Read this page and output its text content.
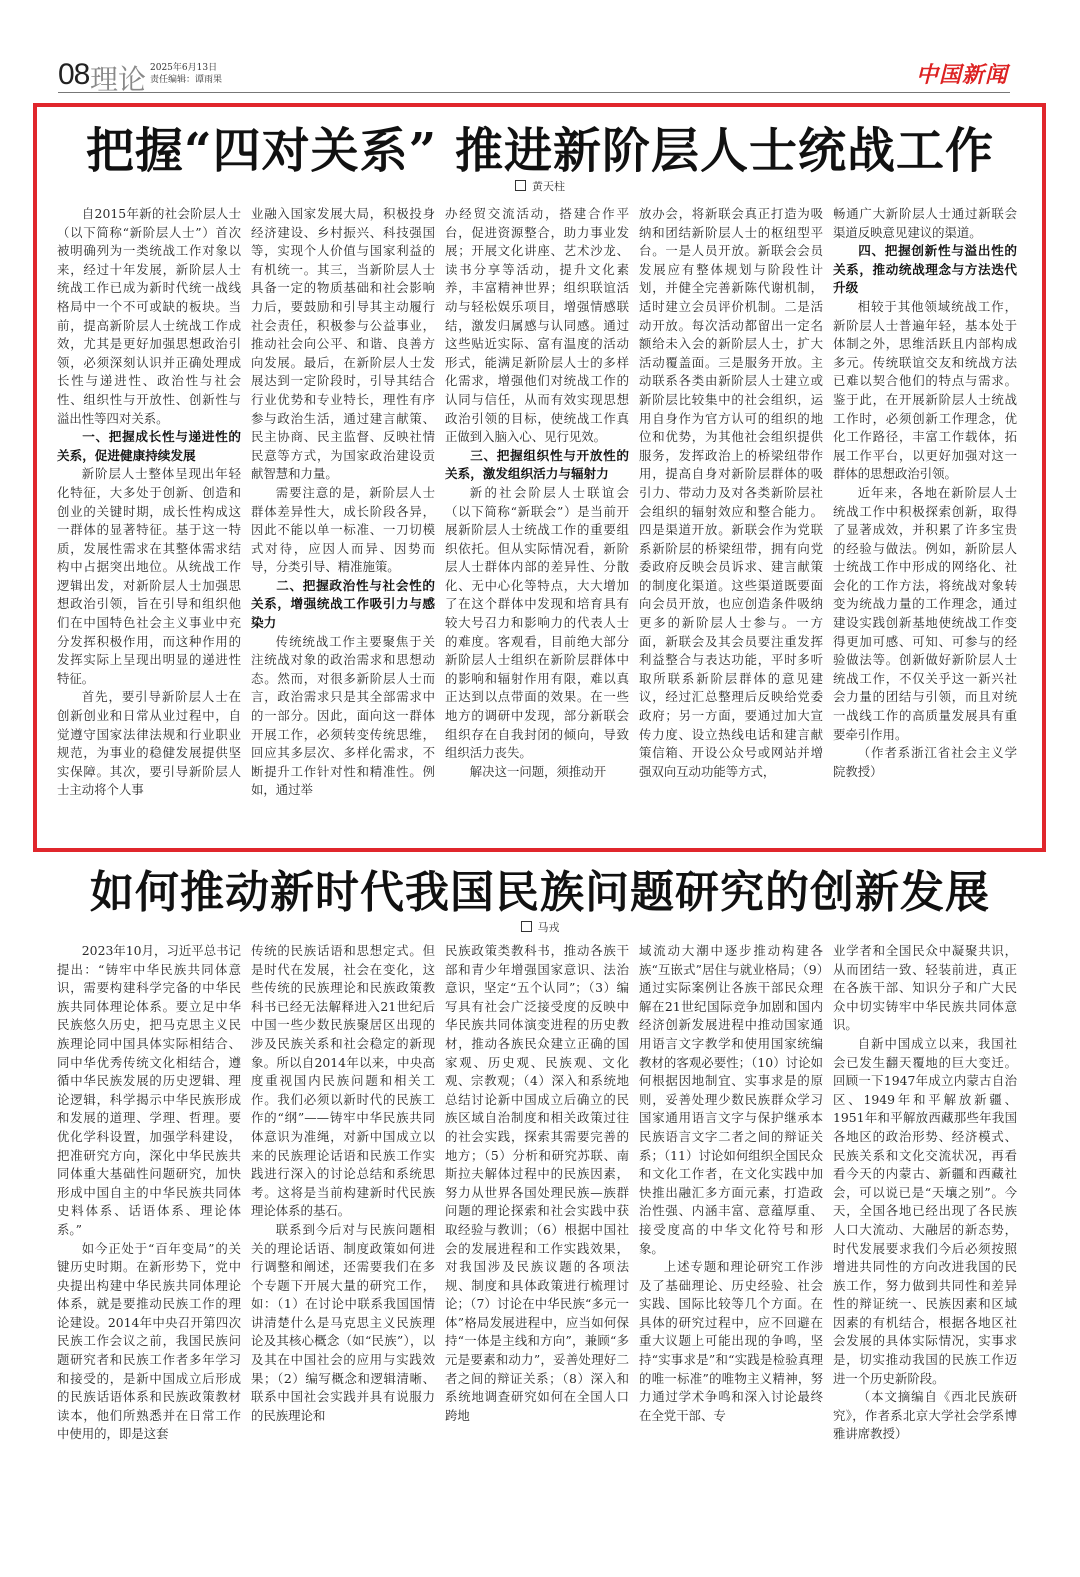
08 理论 2025年6月13日
责任编辑：谭雨果	中国新闻
把握“四对关系” 推进新阶层人士统战工作
黄天柱

自2015年新的社会阶层人士（以下简称“新阶层人士”）首次被明确列为一类统战工作对象以来，经过十年发展，新阶层人士统战工作已成为新时代统一战线格局中一个不可或缺的板块。当前，提高新阶层人士统战工作成效，尤其是更好加强思想政治引领，必须深刻认识并正确处理成长性与递进性、政治性与社会性、组织性与开放性、创新性与溢出性等四对关系。

一、把握成长性与递进性的关系，促进健康持续发展

新阶层人士整体呈现出年轻化特征，大多处于创新、创造和创业的关键时期，成长性构成这一群体的显著特征。基于这一特质，发展性需求在其整体需求结构中占据突出地位。从统战工作逻辑出发，对新阶层人士加强思想政治引领，旨在引导和组织他们在中国特色社会主义事业中充分发挥积极作用，而这种作用的发挥实际上呈现出明显的递进性特征。

首先，要引导新阶层人士在创新创业和日常从业过程中，自觉遵守国家法律法规和行业职业规范，为事业的稳健发展提供坚实保障。其次，要引导新阶层人士主动将个人事

业融入国家发展大局，积极投身经济建设、乡村振兴、科技强国等，实现个人价值与国家利益的有机统一。其三，当新阶层人士具备一定的物质基础和社会影响力后，要鼓励和引导其主动履行社会责任，积极参与公益事业，推动社会向公平、和谐、良善方向发展。最后，在新阶层人士发展达到一定阶段时，引导其结合行业优势和专业特长，理性有序参与政治生活，通过建言献策、民主协商、民主监督、反映社情民意等方式，为国家政治建设贡献智慧和力量。

需要注意的是，新阶层人士群体差异性大，成长阶段各异，因此不能以单一标准、一刀切模式对待，应因人而异、因势而导，分类引导、精准施策。

二、把握政治性与社会性的关系，增强统战工作吸引力与感染力

传统统战工作主要聚焦于关注统战对象的政治需求和思想动态。然而，对很多新阶层人士而言，政治需求只是其全部需求中的一部分。因此，面向这一群体开展工作，必须转变传统思维，回应其多层次、多样化需求，不断提升工作针对性和精准性。例如，通过举

办经贸交流活动，搭建合作平台，促进资源整合，助力事业发展；开展文化讲座、艺术沙龙、读书分享等活动，提升文化素养，丰富精神世界；组织联谊活动与轻松娱乐项目，增强情感联结，激发归属感与认同感。通过这些贴近实际、富有温度的活动形式，能满足新阶层人士的多样化需求，增强他们对统战工作的认同与信任，从而有效实现思想政治引领的目标，使统战工作真正做到入脑入心、见行见效。

三、把握组织性与开放性的关系，激发组织活力与辐射力

新的社会阶层人士联谊会（以下简称“新联会”）是当前开展新阶层人士统战工作的重要组织依托。但从实际情况看，新阶层人士群体内部的差异性、分散化、无中心化等特点，大大增加了在这个群体中发现和培育具有较大号召力和影响力的代表人士的难度。客观看，目前绝大部分新阶层人士组织在新阶层群体中的影响和辐射作用有限，难以真正达到以点带面的效果。在一些地方的调研中发现，部分新联会组织存在自我封闭的倾向，导致组织活力丧失。

解决这一问题，须推动开

放办会，将新联会真正打造为吸纳和团结新阶层人士的枢纽型平台。一是人员开放。新联会会员发展应有整体规划与阶段性计划，并健全完善新陈代谢机制，适时建立会员评价机制。二是活动开放。每次活动都留出一定名额给未入会的新阶层人士，扩大活动覆盖面。三是服务开放。主动联系各类由新阶层人士建立或新阶层比较集中的社会组织，运用自身作为官方认可的组织的地位和优势，为其他社会组织提供服务，发挥政治上的桥梁纽带作用，提高自身对新阶层群体的吸引力、带动力及对各类新阶层社会组织的辐射效应和整合能力。四是渠道开放。新联会作为党联系新阶层的桥梁纽带，拥有向党委政府反映会员诉求、建言献策的制度化渠道。这些渠道既要面向会员开放，也应创造条件吸纳更多的新阶层人士参与。一方面，新联会及其会员要注重发挥利益整合与表达功能，平时多听取所联系新阶层群体的意见建议，经过汇总整理后反映给党委政府；另一方面，要通过加大宣传力度、设立热线电话和建言献策信箱、开设公众号或网站并增强双向互动功能等方式，

畅通广大新阶层人士通过新联会渠道反映意见建议的渠道。

四、把握创新性与溢出性的关系，推动统战理念与方法迭代升级

相较于其他领域统战工作，新阶层人士普遍年轻，基本处于体制之外，思维活跃且内部构成多元。传统联谊交友和统战方法已难以契合他们的特点与需求。鉴于此，在开展新阶层人士统战工作时，必须创新工作理念，优化工作路径，丰富工作载体，拓展工作平台，以更好加强对这一群体的思想政治引领。

近年来，各地在新阶层人士统战工作中积极探索创新，取得了显著成效，并积累了许多宝贵的经验与做法。例如，新阶层人士统战工作中形成的网络化、社会化的工作方法，将统战对象转变为统战力量的工作理念，通过建设实践创新基地使统战工作变得更加可感、可知、可参与的经验做法等。创新做好新阶层人士统战工作，不仅关乎这一新兴社会力量的团结与引领，而且对统一战线工作的高质量发展具有重要牵引作用。

（作者系浙江省社会主义学院教授）

如何推动新时代我国民族问题研究的创新发展
马戎

2023年10月，习近平总书记提出：“铸牢中华民族共同体意识，需要构建科学完备的中华民族共同体理论体系。要立足中华民族悠久历史，把马克思主义民族理论同中国具体实际相结合、同中华优秀传统文化相结合，遵循中华民族发展的历史逻辑、理论逻辑，科学揭示中华民族形成和发展的道理、学理、哲理。要优化学科设置，加强学科建设，把准研究方向，深化中华民族共同体重大基础性问题研究，加快形成中国自主的中华民族共同体史料体系、话语体系、理论体系。”

如今正处于“百年变局”的关键历史时期。在新形势下，党中央提出构建中华民族共同体理论体系，就是要推动民族工作的理论建设。2014年中央召开第四次民族工作会议之前，我国民族问题研究者和民族工作者多年学习和接受的，是新中国成立后形成的民族话语体系和民族政策教材读本，他们所熟悉并在日常工作中使用的，即是这套

传统的民族话语和思想定式。但是时代在发展，社会在变化，这些传统的民族理论和民族政策教科书已经无法解释进入21世纪后中国一些少数民族聚居区出现的涉及民族关系和社会稳定的新现象。所以自2014年以来，中央高度重视国内民族问题和相关工作。我们必须以新时代的民族工作的“纲”——铸牢中华民族共同体意识为准绳，对新中国成立以来的民族理论话语和民族工作实践进行深入的讨论总结和系统思考。这将是当前构建新时代民族理论体系的基石。

联系到今后对与民族问题相关的理论话语、制度政策如何进行调整和阐述，还需要我们在多个专题下开展大量的研究工作，如：（1）在讨论中联系我国国情讲清楚什么是马克思主义民族理论及其核心概念（如“民族”），以及其在中国社会的应用与实践效果；（2）编写概念和逻辑清晰、联系中国社会实践并具有说服力的民族理论和

民族政策类教科书，推动各族干部和青少年增强国家意识、法治意识，坚定“五个认同”；（3）编写具有社会广泛接受度的反映中华民族共同体演变进程的历史教材，推动各族民众建立正确的国家观、历史观、民族观、文化观、宗教观；（4）深入和系统地总结讨论新中国成立后确立的民族区域自治制度和相关政策过往的社会实践，探索其需要完善的地方；（5）分析和研究苏联、南斯拉夫解体过程中的民族因素，努力从世界各国处理民族—族群问题的理论探索和社会实践中获取经验与教训；（6）根据中国社会的发展进程和工作实践效果，对我国涉及民族议题的各项法规、制度和具体政策进行梳理讨论；（7）讨论在中华民族“多元一体”格局发展进程中，应当如何保持“一体是主线和方向”，兼顾“多元是要素和动力”，妥善处理好二者之间的辩证关系；（8）深入和系统地调查研究如何在全国人口跨地

域流动大潮中逐步推动构建各族“互嵌式”居住与就业格局；（9）通过实际案例让各族干部民众理解在21世纪国际竞争加剧和国内经济创新发展进程中推动国家通用语言文字教学和使用国家统编教材的客观必要性；（10）讨论如何根据因地制宜、实事求是的原则，妥善处理少数民族群众学习国家通用语言文字与保护继承本民族语言文字二者之间的辩证关系；（11）讨论如何组织全国民众和文化工作者，在文化实践中加快推出融汇多方面元素，打造政治性强、内涵丰富、意蕴厚重、接受度高的中华文化符号和形象。

上述专题和理论研究工作涉及了基础理论、历史经验、社会实践、国际比较等几个方面。在具体的研究过程中，应不回避在重大议题上可能出现的争鸣，坚持“实事求是”和“实践是检验真理的唯一标准”的唯物主义精神，努力通过学术争鸣和深入讨论最终在全党干部、专

业学者和全国民众中凝聚共识，从而团结一致、轻装前进，真正在各族干部、知识分子和广大民众中切实铸牢中华民族共同体意识。

自新中国成立以来，我国社会已发生翻天覆地的巨大变迁。回顾一下1947年成立内蒙古自治区、1949年和平解放新疆、1951年和平解放西藏那些年我国各地区的政治形势、经济模式、民族关系和文化交流状况，再看看今天的内蒙古、新疆和西藏社会，可以说已是“天壤之别”。今天，全国各地已经出现了各民族人口大流动、大融居的新态势，时代发展要求我们今后必须按照增进共同性的方向改进我国的民族工作，努力做到共同性和差异性的辩证统一、民族因素和区域因素的有机结合，根据各地区社会发展的具体实际情况，实事求是，切实推动我国的民族工作迈进一个历史新阶段。

（本文摘编自《西北民族研究》，作者系北京大学社会学系博雅讲席教授）
